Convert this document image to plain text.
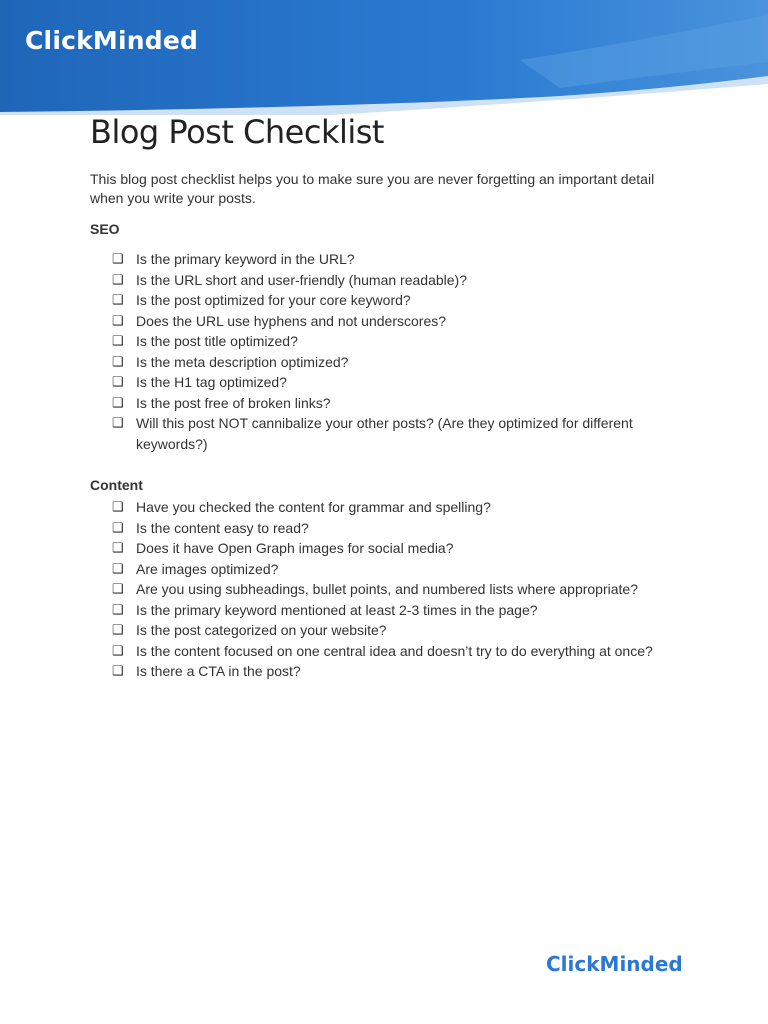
ClickMinded
Blog Post Checklist

This blog post checklist helps you to make sure you are never forgetting an important detail when you write your posts.

SEO
❑ Is the primary keyword in the URL?
❑ Is the URL short and user-friendly (human readable)?
❑ Is the post optimized for your core keyword?
❑ Does the URL use hyphens and not underscores?
❑ Is the post title optimized?
❑ Is the meta description optimized?
❑ Is the H1 tag optimized?
❑ Is the post free of broken links?
❑ Will this post NOT cannibalize your other posts? (Are they optimized for different keywords?)
Content
❑ Have you checked the content for grammar and spelling?
❑ Is the content easy to read?
❑ Does it have Open Graph images for social media?
❑ Are images optimized?
❑ Are you using subheadings, bullet points, and numbered lists where appropriate?
❑ Is the primary keyword mentioned at least 2-3 times in the page?
❑ Is the post categorized on your website?
❑ Is the content focused on one central idea and doesn’t try to do everything at once?
❑ Is there a CTA in the post?
ClickMinded
